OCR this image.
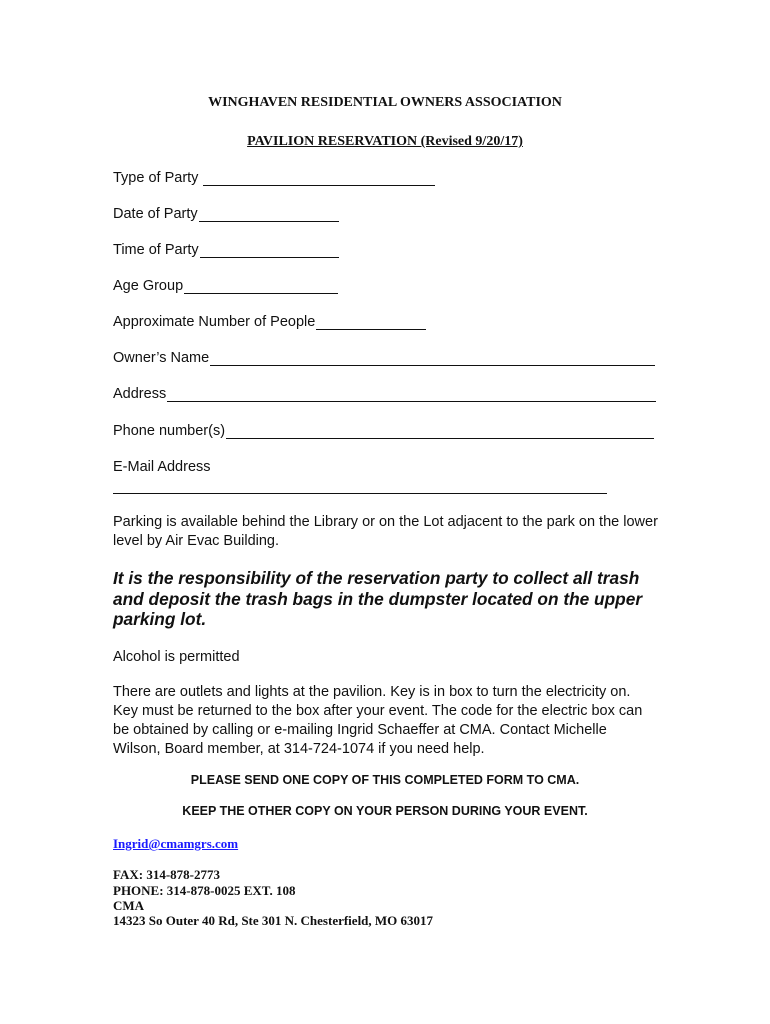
WINGHAVEN RESIDENTIAL OWNERS ASSOCIATION
PAVILION RESERVATION (Revised 9/20/17)
Type of Party
Date of Party
Time of Party
Age Group
Approximate Number of People
Owner’s Name
Address
Phone number(s)
E-Mail Address
Parking is available behind the Library or on the Lot adjacent to the park on the lower level by Air Evac Building.
It is the responsibility of the reservation party to collect all trash and deposit the trash bags in the dumpster located on the upper parking lot.
Alcohol is permitted
There are outlets and lights at the pavilion. Key is in box to turn the electricity on. Key must be returned to the box after your event. The code for the electric box can be obtained by calling or e-mailing Ingrid Schaeffer at CMA. Contact Michelle Wilson, Board member, at 314-724-1074 if you need help.
PLEASE SEND ONE COPY OF THIS COMPLETED FORM TO CMA.
KEEP THE OTHER COPY ON YOUR PERSON DURING YOUR EVENT.
Ingrid@cmamgrs.com
FAX: 314-878-2773
PHONE: 314-878-0025 EXT. 108
CMA
14323 So Outer 40 Rd, Ste 301 N. Chesterfield, MO 63017
